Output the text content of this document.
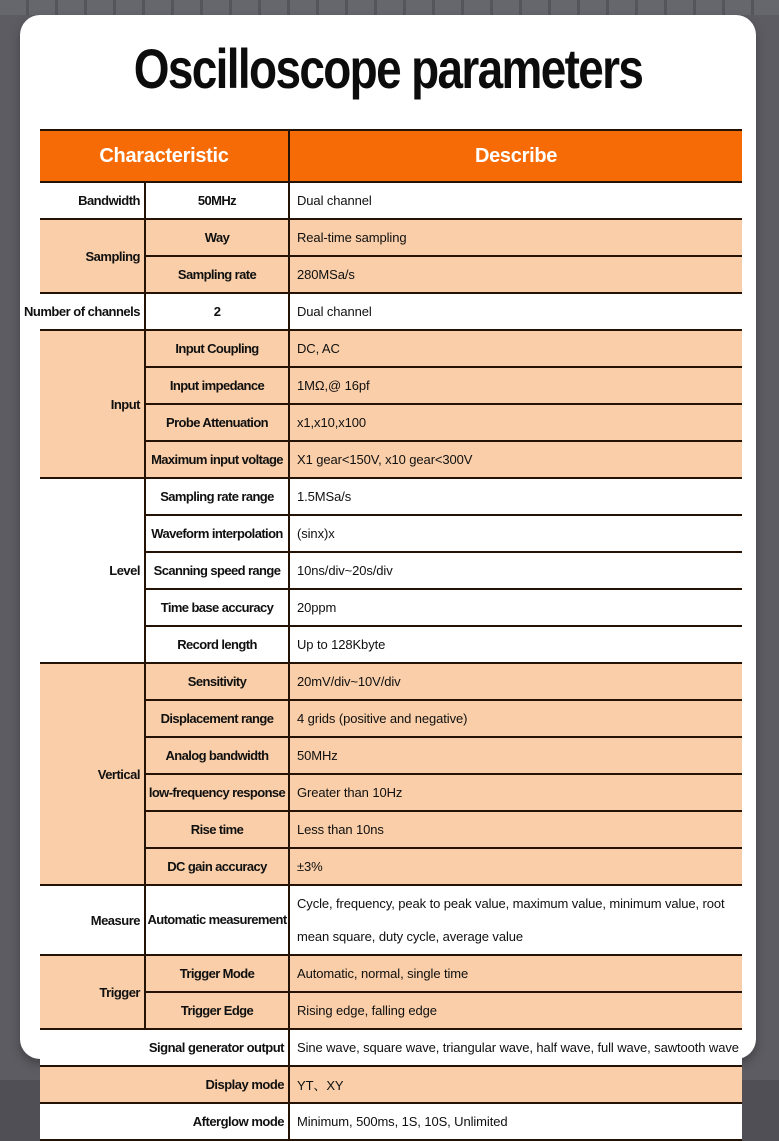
Oscilloscope parameters
Characteristic		Describe
Bandwidth	50MHz	Dual channel
Sampling	Way	Real-time sampling
	Sampling rate	280MSa/s
Number of channels	2	Dual channel
Input	Input Coupling	DC, AC
	Input impedance	1MΩ,@ 16pf
	Probe Attenuation	x1,x10,x100
	Maximum input voltage	X1 gear<150V, x10 gear<300V
Level	Sampling rate range	1.5MSa/s
	Waveform interpolation	(sinx)x
	Scanning speed range	10ns/div~20s/div
	Time base accuracy	20ppm
	Record length	Up to 128Kbyte
Vertical	Sensitivity	20mV/div~10V/div
	Displacement range	4 grids (positive and negative)
	Analog bandwidth	50MHz
	low-frequency response	Greater than 10Hz
	Rise time	Less than 10ns
	DC gain accuracy	±3%
Measure	Automatic measurement	Cycle, frequency, peak to peak value, maximum value, minimum value, root mean square, duty cycle, average value
Trigger	Trigger Mode	Automatic, normal, single time
	Trigger Edge	Rising edge, falling edge
Signal generator output		Sine wave, square wave, triangular wave, half wave, full wave, sawtooth wave
Display mode		YT、XY
Afterglow mode		Minimum, 500ms, 1S, 10S, Unlimited
